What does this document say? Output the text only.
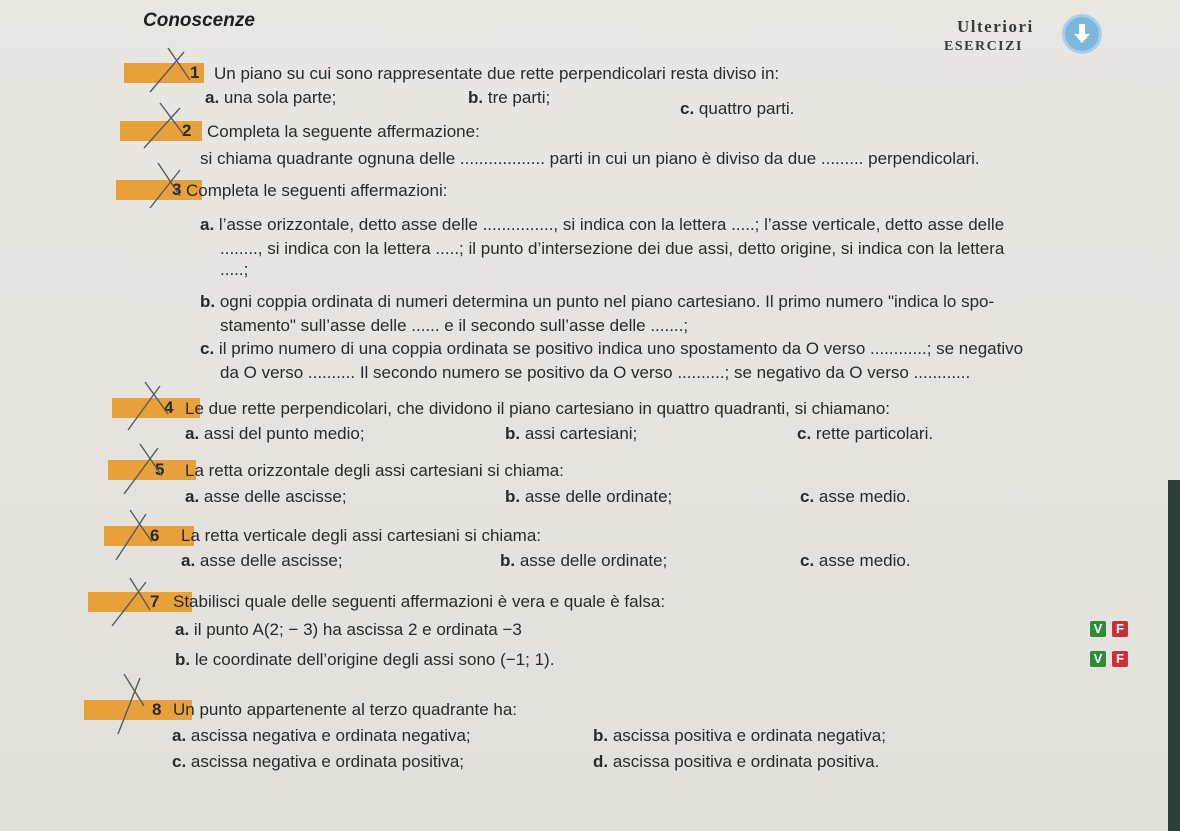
Conoscenze	Ulteriori
ESERCIZI
1 Un piano su cui sono rappresentate due rette perpendicolari resta diviso in:
a. una sola parte;	b. tre parti;
c. quattro parti.
2 Completa la seguente affermazione:
si chiama quadrante ognuna delle .................. parti in cui un piano è diviso da due ......... perpendicolari.
3 Completa le seguenti affermazioni:
a. l’asse orizzontale, detto asse delle ..............., si indica con la lettera .....; l’asse verticale, detto asse delle
........, si indica con la lettera .....; il punto d’intersezione dei due assi, detto origine, si indica con la lettera
.....;
b. ogni coppia ordinata di numeri determina un punto nel piano cartesiano. Il primo numero "indica lo spo-
stamento" sull’asse delle ...... e il secondo sull’asse delle .......;
c. il primo numero di una coppia ordinata se positivo indica uno spostamento da O verso ............; se negativo
da O verso .......... Il secondo numero se positivo da O verso ..........; se negativo da O verso ............
4 Le due rette perpendicolari, che dividono il piano cartesiano in quattro quadranti, si chiamano:
a. assi del punto medio;	b. assi cartesiani;	c. rette particolari.
5 La retta orizzontale degli assi cartesiani si chiama:
a. asse delle ascisse;	b. asse delle ordinate;	c. asse medio.
6 La retta verticale degli assi cartesiani si chiama:
a. asse delle ascisse;	b. asse delle ordinate;	c. asse medio.
7 Stabilisci quale delle seguenti affermazioni è vera e quale è falsa:
a. il punto A(2; − 3) ha ascissa 2 e ordinata −3	V	F
b. le coordinate dell’origine degli assi sono (−1; 1).	V	F
8 Un punto appartenente al terzo quadrante ha:
a. ascissa negativa e ordinata negativa;	b. ascissa positiva e ordinata negativa;
c. ascissa negativa e ordinata positiva;	d. ascissa positiva e ordinata positiva.
